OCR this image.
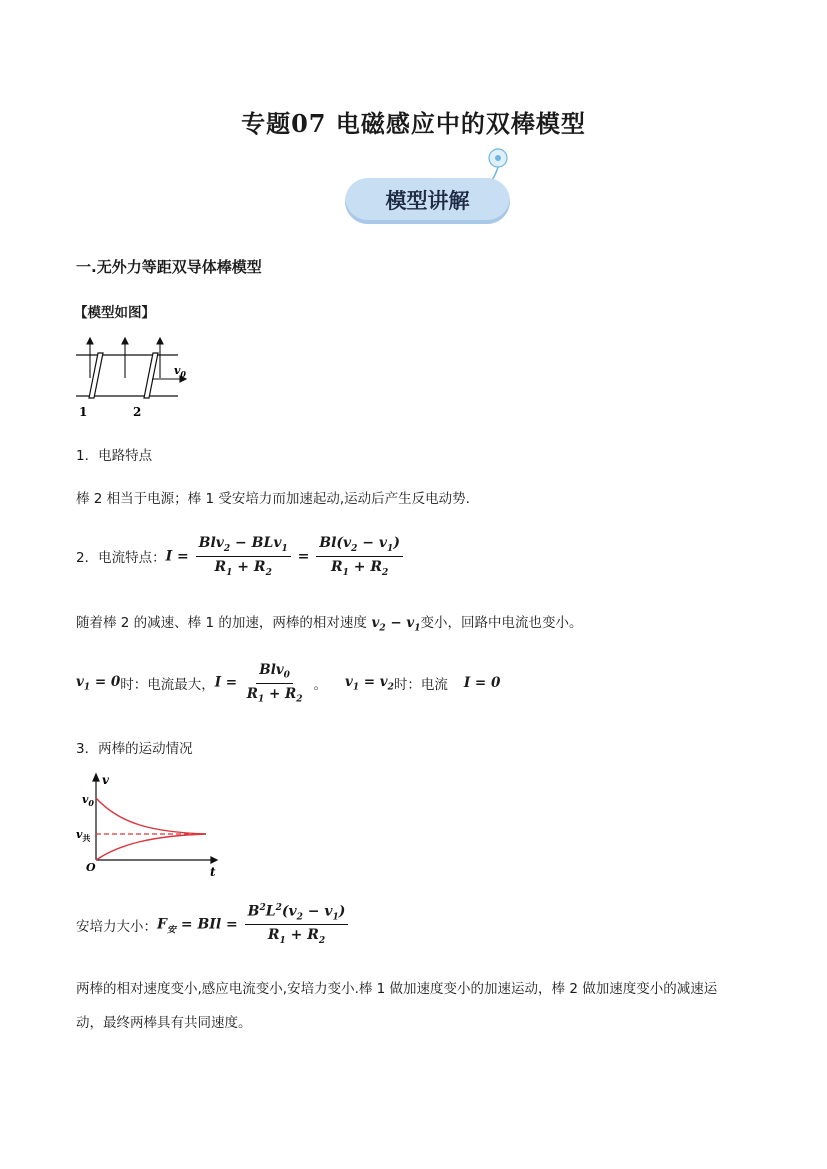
专题07 电磁感应中的双棒模型
模型讲解
一.无外力等距双导体棒模型
【模型如图】
1	2
$v_0$
1．电路特点
棒 2 相当于电源；棒 1 受安培力而加速起动,运动后产生反电动势.
2．电流特点： $I = \frac{Blv_2 - BLv_1}{R_1 + R_2} = \frac{Bl(v_2 - v_1)}{R_1 + R_2}$
随着棒 2 的减速、棒 1 的加速，两棒的相对速度 $v_2 - v_1$变小，回路中电流也变小。
$v_1 = 0$ 时：电流最大， $I = \frac{Blv_0}{R_1 + R_2}$ 。 $v_1 = v_2$ 时：电流 I = 0
3．两棒的运动情况
v
t
$v_0$
$v_共$
O
安培力大小： $F_安$ = BIl = $\frac{B^2L^2(v_2 - v_1)}{R_1 + R_2}$
两棒的相对速度变小,感应电流变小,安培力变小.棒 1 做加速度变小的加速运动，棒 2 做加速度变小的减速运
动，最终两棒具有共同速度。
